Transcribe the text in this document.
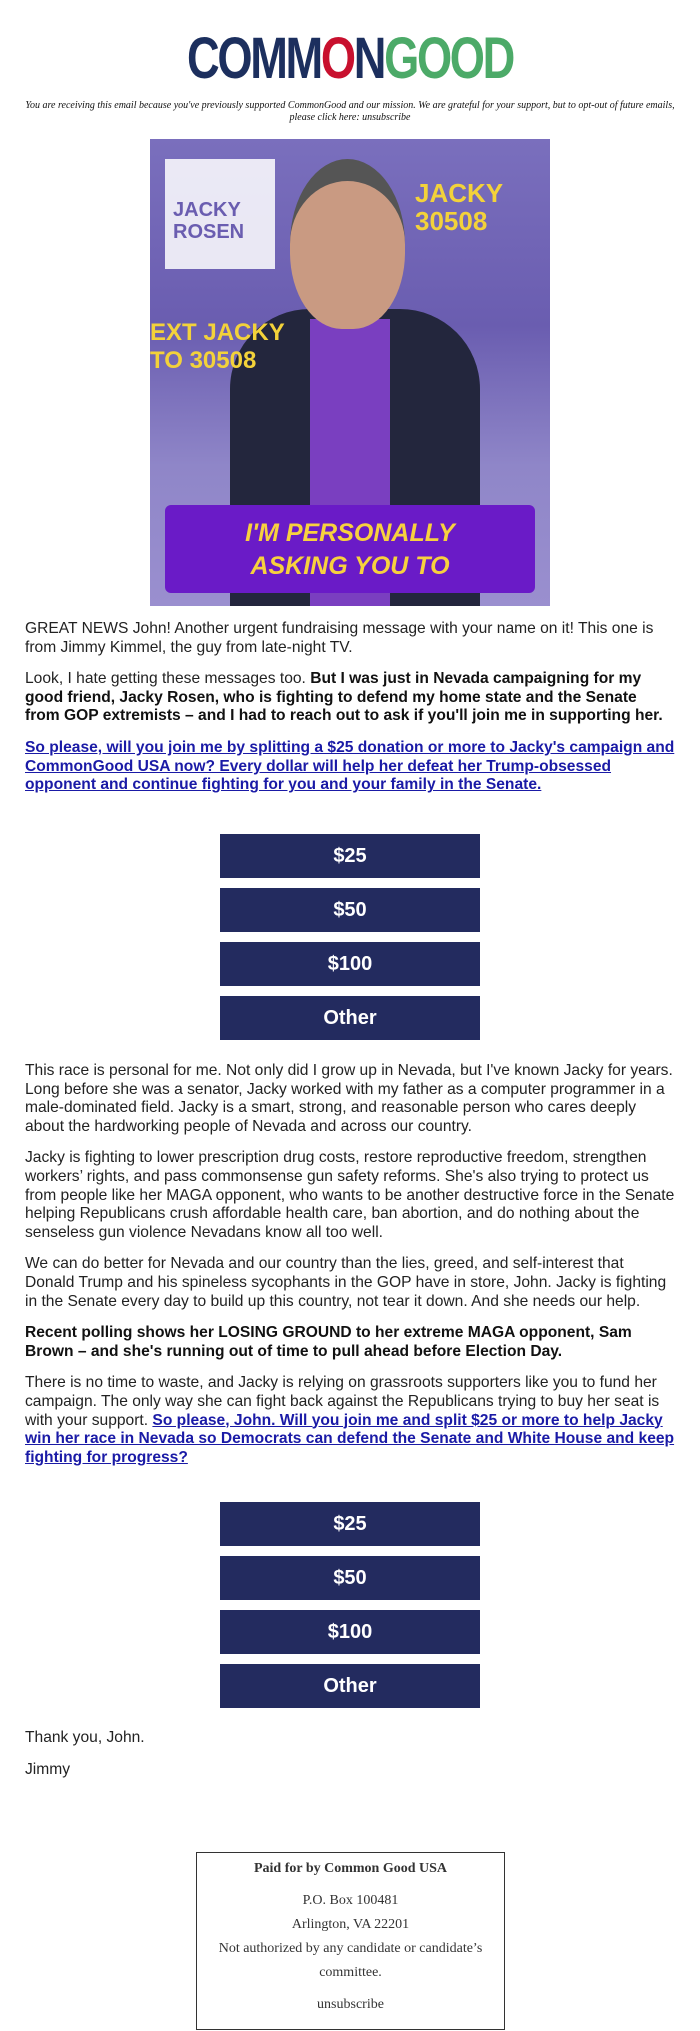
COMMONGOOD
You are receiving this email because you've previously supported CommonGood and our mission. We are grateful for your support, but to opt-out of future emails, please click here: unsubscribe
JACKY ROSEN
JACKY 30508
EXT JACKY TO 30508
I'M PERSONALLY
ASKING YOU TO

GREAT NEWS John! Another urgent fundraising message with your name on it! This one is from Jimmy Kimmel, the guy from late-night TV.

Look, I hate getting these messages too. But I was just in Nevada campaigning for my good friend, Jacky Rosen, who is fighting to defend my home state and the Senate from GOP extremists – and I had to reach out to ask if you'll join me in supporting her.

So please, will you join me by splitting a $25 donation or more to Jacky's campaign and CommonGood USA now? Every dollar will help her defeat her Trump-obsessed opponent and continue fighting for you and your family in the Senate.

$25
$50
$100
Other

This race is personal for me. Not only did I grow up in Nevada, but I've known Jacky for years. Long before she was a senator, Jacky worked with my father as a computer programmer in a male-dominated field. Jacky is a smart, strong, and reasonable person who cares deeply about the hardworking people of Nevada and across our country.

Jacky is fighting to lower prescription drug costs, restore reproductive freedom, strengthen workers’ rights, and pass commonsense gun safety reforms. She's also trying to protect us from people like her MAGA opponent, who wants to be another destructive force in the Senate helping Republicans crush affordable health care, ban abortion, and do nothing about the senseless gun violence Nevadans know all too well.

We can do better for Nevada and our country than the lies, greed, and self-interest that Donald Trump and his spineless sycophants in the GOP have in store, John. Jacky is fighting in the Senate every day to build up this country, not tear it down. And she needs our help.

Recent polling shows her LOSING GROUND to her extreme MAGA opponent, Sam Brown – and she's running out of time to pull ahead before Election Day.

There is no time to waste, and Jacky is relying on grassroots supporters like you to fund her campaign. The only way she can fight back against the Republicans trying to buy her seat is with your support. So please, John. Will you join me and split $25 or more to help Jacky win her race in Nevada so Democrats can defend the Senate and White House and keep fighting for progress?

$25
$50
$100
Other

Thank you, John.

Jimmy

Paid for by Common Good USA
P.O. Box 100481
Arlington, VA 22201
Not authorized by any candidate or candidate’s committee.
unsubscribe
